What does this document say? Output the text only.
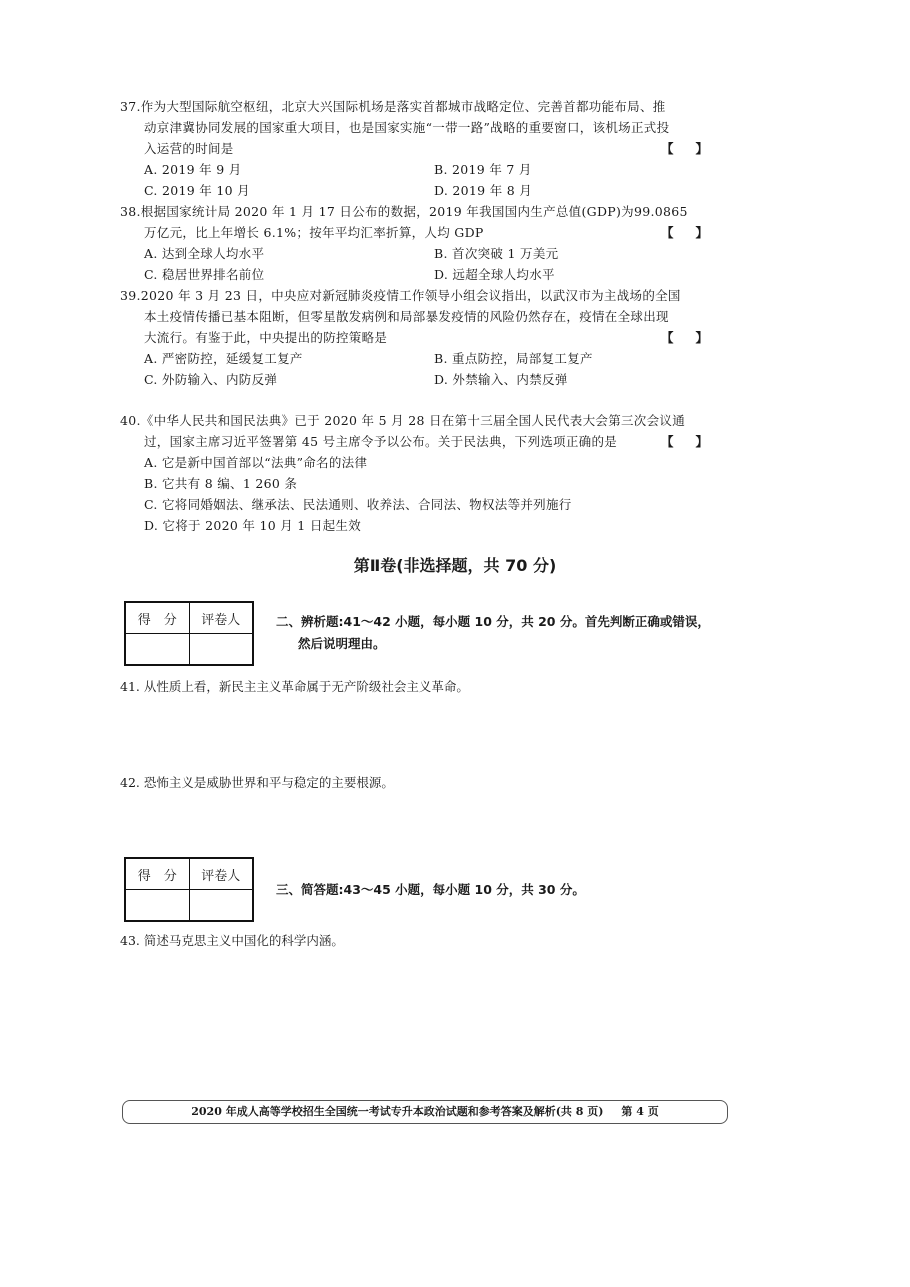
37.作为大型国际航空枢纽，北京大兴国际机场是落实首都城市战略定位、完善首都功能布局、推
动京津冀协同发展的国家重大项目，也是国家实施“一带一路”战略的重要窗口，该机场正式投
入运营的时间是	【】
A. 2019 年 9 月	B. 2019 年 7 月
C. 2019 年 10 月	D. 2019 年 8 月
38.根据国家统计局 2020 年 1 月 17 日公布的数据，2019 年我国国内生产总值(GDP)为99.0865
万亿元，比上年增长 6.1%；按年平均汇率折算，人均 GDP	【】
A. 达到全球人均水平	B. 首次突破 1 万美元
C. 稳居世界排名前位	D. 远超全球人均水平
39.2020 年 3 月 23 日，中央应对新冠肺炎疫情工作领导小组会议指出，以武汉市为主战场的全国
本土疫情传播已基本阻断，但零星散发病例和局部暴发疫情的风险仍然存在，疫情在全球出现
大流行。有鉴于此，中央提出的防控策略是	【】
A. 严密防控，延缓复工复产	B. 重点防控，局部复工复产
C. 外防输入、内防反弹	D. 外禁输入、内禁反弹
40.《中华人民共和国民法典》已于 2020 年 5 月 28 日在第十三届全国人民代表大会第三次会议通
过，国家主席习近平签署第 45 号主席令予以公布。关于民法典，下列选项正确的是	【】
A. 它是新中国首部以“法典”命名的法律
B. 它共有 8 编、1 260 条
C. 它将同婚姻法、继承法、民法通则、收养法、合同法、物权法等并列施行
D. 它将于 2020 年 10 月 1 日起生效
第Ⅱ卷(非选择题，共 70 分)
得　分	评卷人
		二、辨析题:41～42 小题，每小题 10 分，共 20 分。首先判断正确或错误，
然后说明理由。
41. 从性质上看，新民主主义革命属于无产阶级社会主义革命。
42. 恐怖主义是威胁世界和平与稳定的主要根源。
得　分	评卷人

三、简答题:43～45 小题，每小题 10 分，共 30 分。
43. 简述马克思主义中国化的科学内涵。
2020 年成人高等学校招生全国统一考试专升本政治试题和参考答案及解析(共 8 页) 第 4 页
